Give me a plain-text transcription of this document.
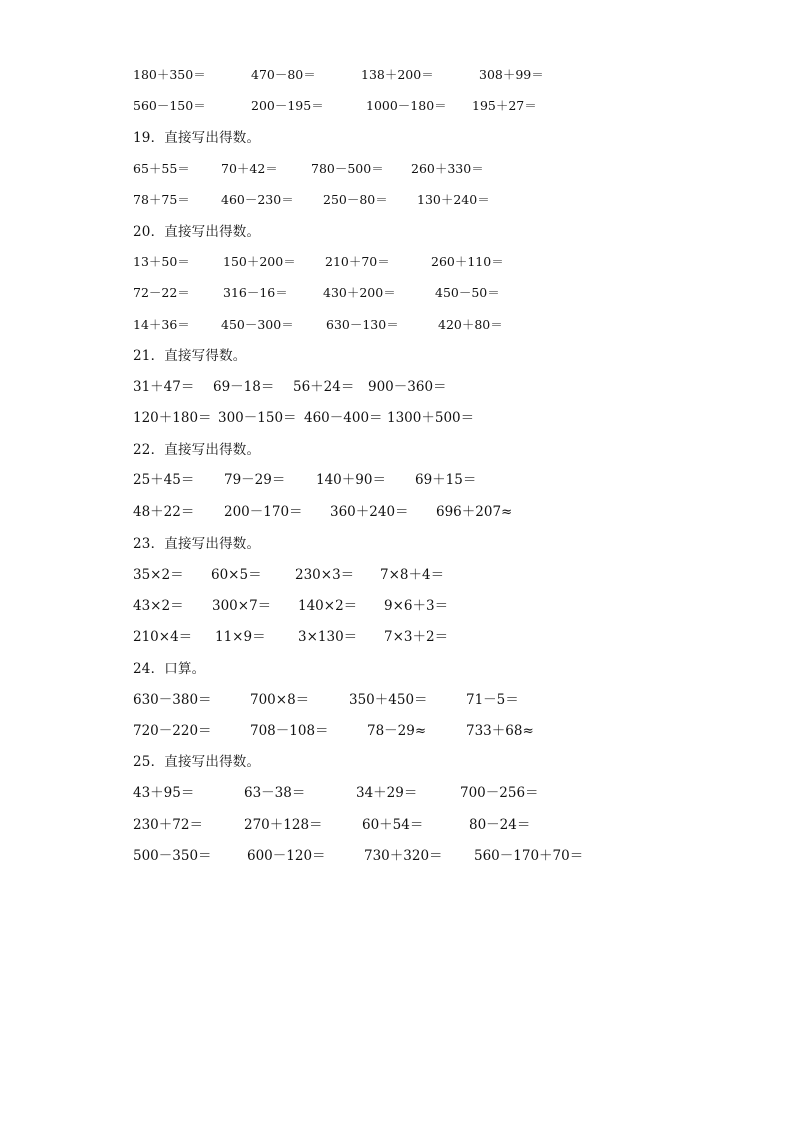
180＋350＝	470－80＝	138＋200＝	308＋99＝
560－150＝	200－195＝	1000－180＝ 195＋27＝
19．直接写出得数。
65＋55＝ 70＋42＝	780－500＝ 260＋330＝
78＋75＝ 460－230＝ 250－80＝ 130＋240＝
20．直接写出得数。
13＋50＝	150＋200＝ 210＋70＝	260＋110＝
72－22＝	316－16＝	430＋200＝	450－50＝
14＋36＝ 450－300＝	630－130＝	420＋80＝
21．直接写得数。
31＋47＝ 69－18＝ 56＋24＝ 900－360＝
120＋180＝ 300－150＝ 460－400＝ 1300＋500＝
22．直接写出得数。
25＋45＝ 79－29＝ 140＋90＝ 69＋15＝
48＋22＝ 200－170＝ 360＋240＝ 696＋207≈
23．直接写出得数。
35×2＝ 60×5＝ 230×3＝ 7×8＋4＝
43×2＝ 300×7＝ 140×2＝ 9×6＋3＝
210×4＝ 11×9＝ 3×130＝ 7×3＋2＝
24．口算。
630－380＝	700×8＝	350＋450＝	71－5＝
720－220＝	708－108＝	78－29≈	733＋68≈
25．直接写出得数。
43＋95＝	63－38＝	34＋29＝	700－256＝
230＋72＝	270＋128＝	60＋54＝	80－24＝
500－350＝	600－120＝	730＋320＝ 560－170＋70＝
